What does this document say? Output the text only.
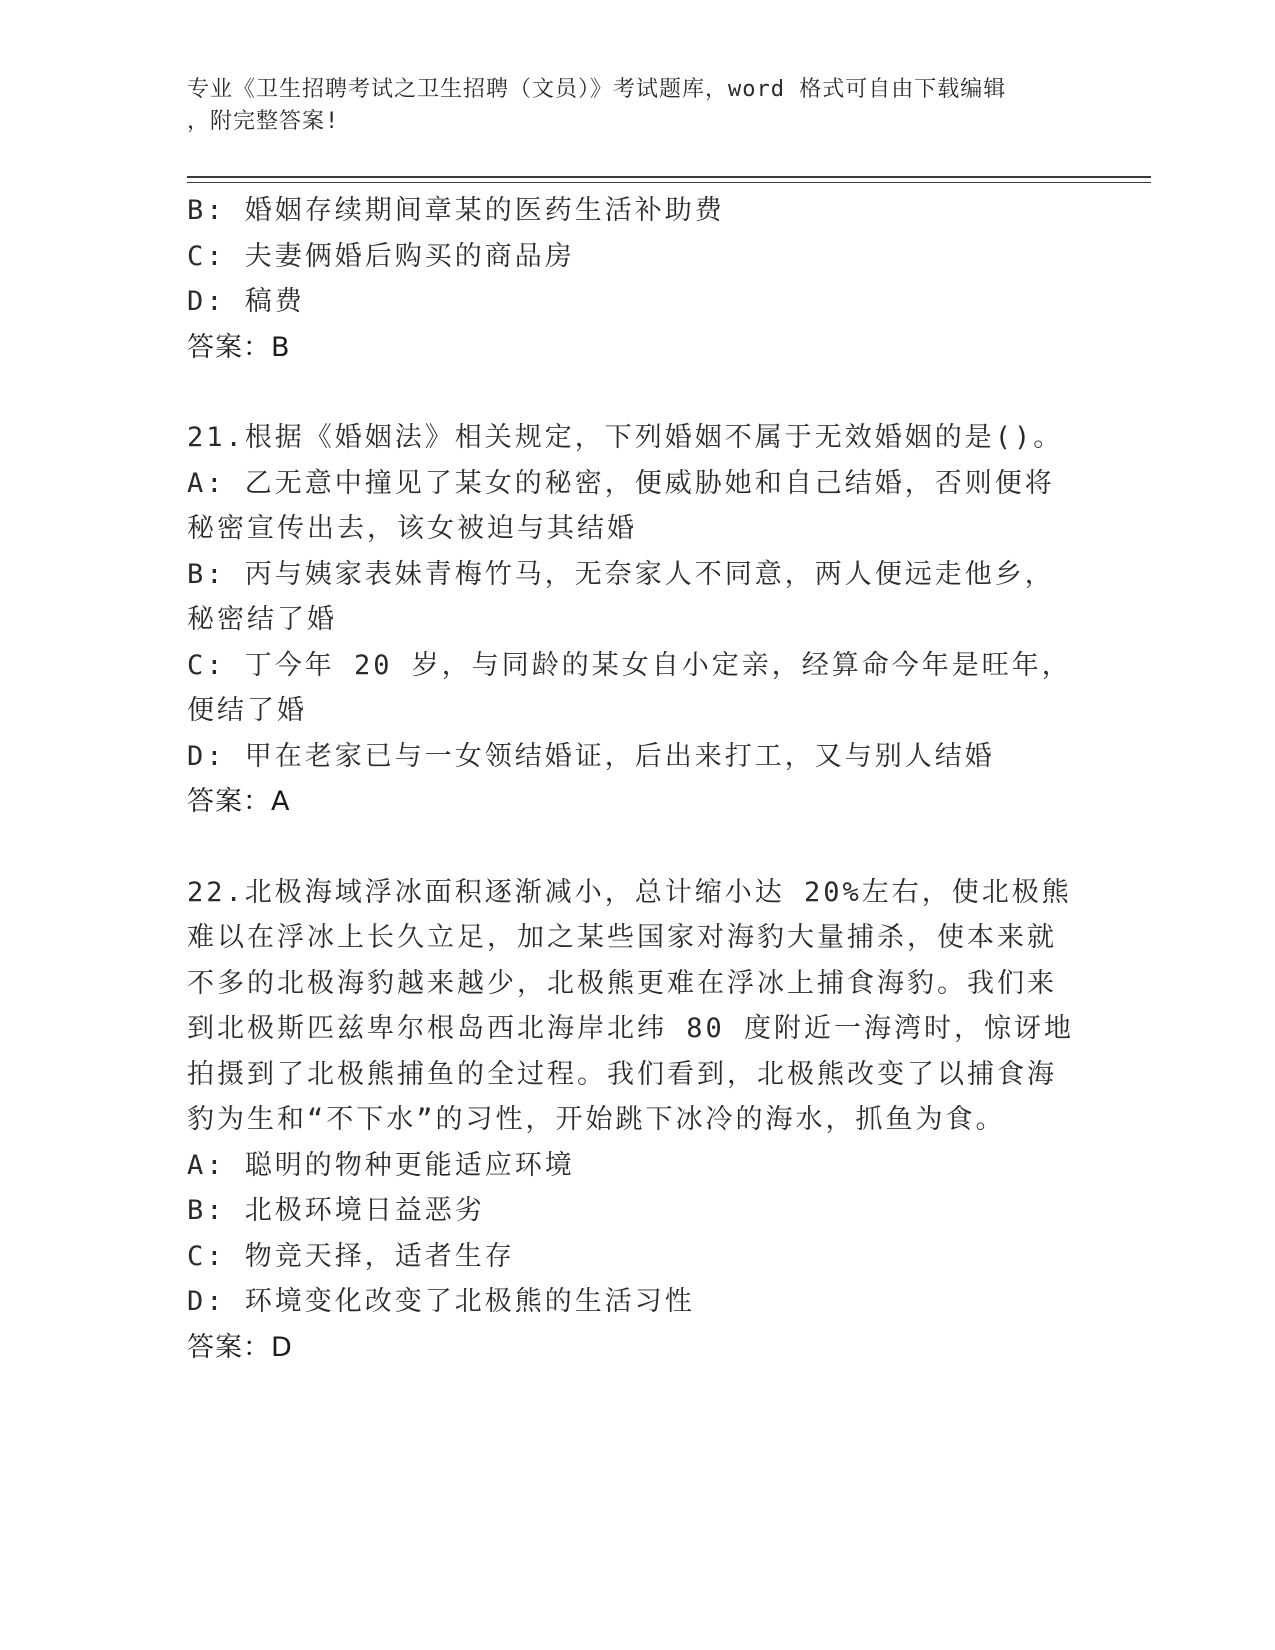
专业《卫生招聘考试之卫生招聘（文员）》考试题库，word 格式可自由下载编辑
，附完整答案!

B: 婚姻存续期间章某的医药生活补助费

C: 夫妻俩婚后购买的商品房

D: 稿费

答案：B

21.根据《婚姻法》相关规定，下列婚姻不属于无效婚姻的是()。

A: 乙无意中撞见了某女的秘密，便威胁她和自己结婚，否则便将秘密宣传出去，该女被迫与其结婚

B: 丙与姨家表妹青梅竹马，无奈家人不同意，两人便远走他乡，秘密结了婚

C: 丁今年 20 岁，与同龄的某女自小定亲，经算命今年是旺年，便结了婚

D: 甲在老家已与一女领结婚证，后出来打工，又与别人结婚

答案：A

22.北极海域浮冰面积逐渐减小，总计缩小达 20%左右，使北极熊难以在浮冰上长久立足，加之某些国家对海豹大量捕杀，使本来就不多的北极海豹越来越少，北极熊更难在浮冰上捕食海豹。我们来到北极斯匹兹卑尔根岛西北海岸北纬 80 度附近一海湾时，惊讶地拍摄到了北极熊捕鱼的全过程。我们看到，北极熊改变了以捕食海豹为生和“不下水”的习性，开始跳下冰冷的海水，抓鱼为食。

A: 聪明的物种更能适应环境

B: 北极环境日益恶劣

C: 物竞天择，适者生存

D: 环境变化改变了北极熊的生活习性

答案：D
